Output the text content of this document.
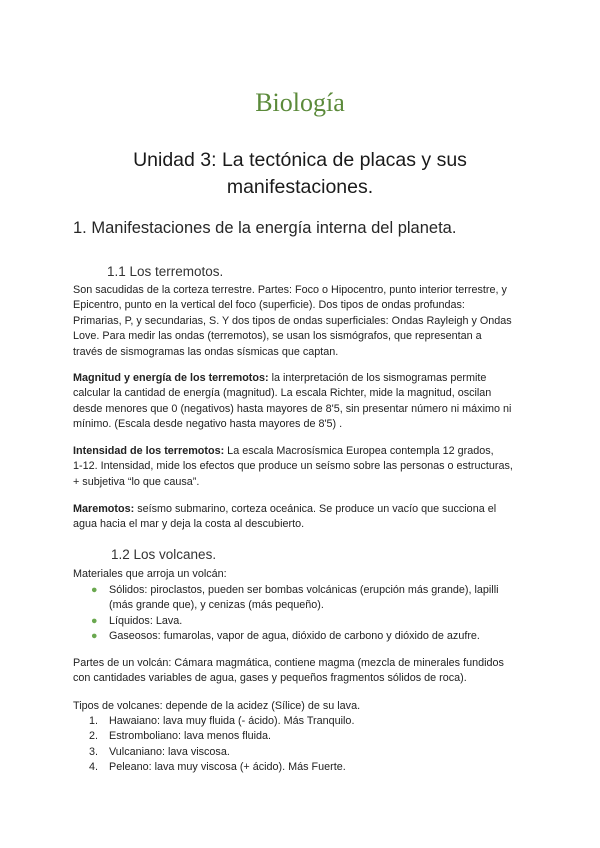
Biología
Unidad 3: La tectónica de placas y sus
manifestaciones.
1. Manifestaciones de la energía interna del planeta.
1.1 Los terremotos.
Son sacudidas de la corteza terrestre. Partes: Foco o Hipocentro, punto interior terrestre, y
Epicentro, punto en la vertical del foco (superficie). Dos tipos de ondas profundas:
Primarias, P, y secundarias, S. Y dos tipos de ondas superficiales: Ondas Rayleigh y Ondas
Love. Para medir las ondas (terremotos), se usan los sismógrafos, que representan a
través de sismogramas las ondas sísmicas que captan.
Magnitud y energía de los terremotos: la interpretación de los sismogramas permite
calcular la cantidad de energía (magnitud). La escala Richter, mide la magnitud, oscilan
desde menores que 0 (negativos) hasta mayores de 8'5, sin presentar número ni máximo ni
mínimo. (Escala desde negativo hasta mayores de 8'5) .
Intensidad de los terremotos: La escala Macrosísmica Europea contempla 12 grados,
1-12. Intensidad, mide los efectos que produce un seísmo sobre las personas o estructuras,
+ subjetiva “lo que causa”.
Maremotos: seísmo submarino, corteza oceánica. Se produce un vacío que succiona el
agua hacia el mar y deja la costa al descubierto.
1.2 Los volcanes.
Materiales que arroja un volcán:
● Sólidos: piroclastos, pueden ser bombas volcánicas (erupción más grande), lapilli
(más grande que), y cenizas (más pequeño).
● Líquidos: Lava.
● Gaseosos: fumarolas, vapor de agua, dióxido de carbono y dióxido de azufre.
Partes de un volcán: Cámara magmática, contiene magma (mezcla de minerales fundidos
con cantidades variables de agua, gases y pequeños fragmentos sólidos de roca).
Tipos de volcanes: depende de la acidez (Sílice) de su lava.
1. Hawaiano: lava muy fluida (- ácido). Más Tranquilo.
2. Estromboliano: lava menos fluida.
3. Vulcaniano: lava viscosa.
4. Peleano: lava muy viscosa (+ ácido). Más Fuerte.
